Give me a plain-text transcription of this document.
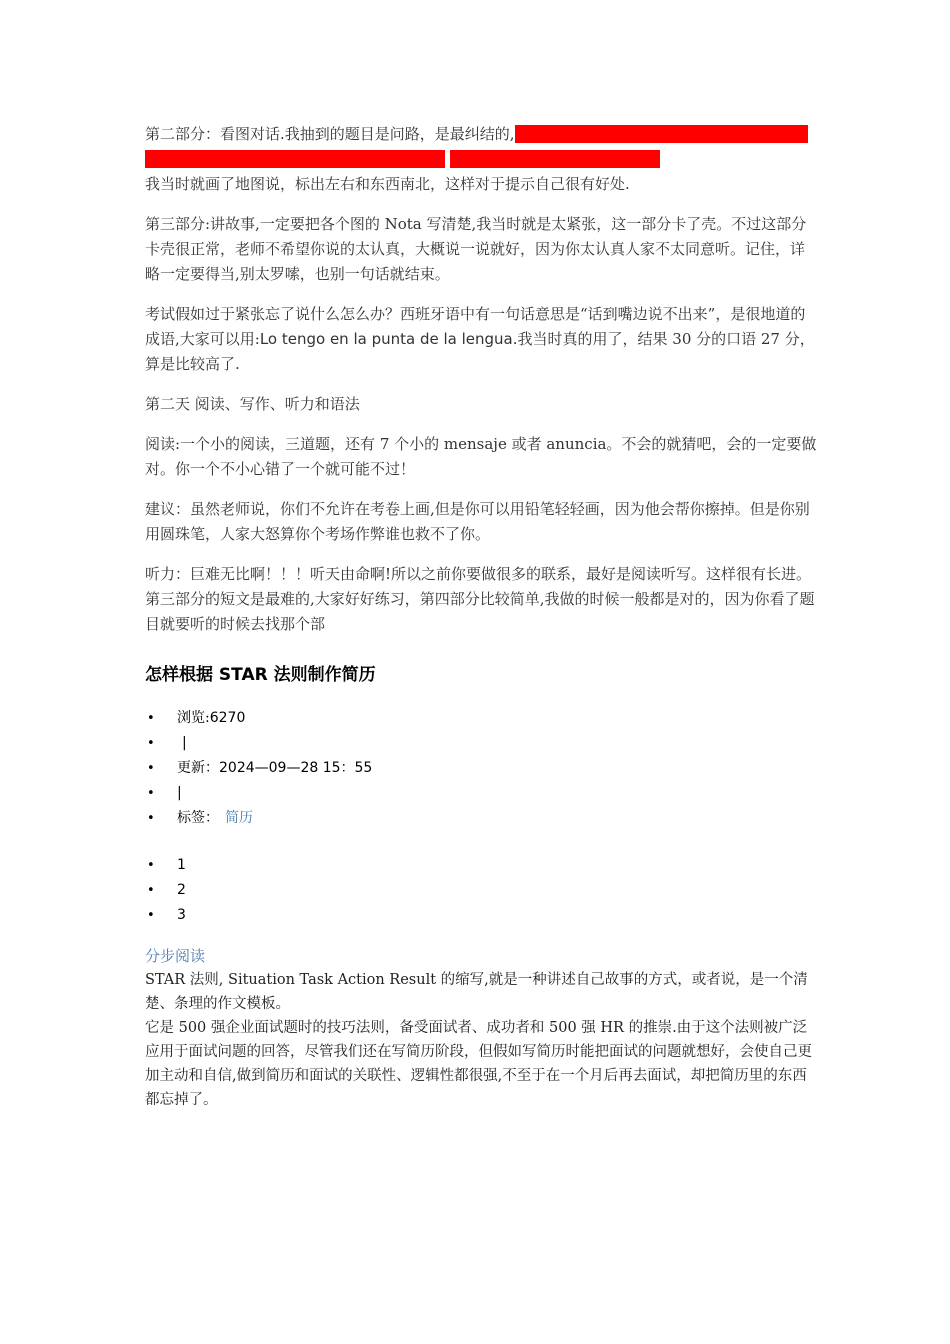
第二部分：看图对话.我抽到的题目是问路，是最纠结的,但是记住考试可以带白纸进去写你的nota,就是关键词，但是不能是整句话，一定要是白纸 没有字的，有字的就不能用了。
我当时就画了地图说，标出左右和东西南北，这样对于提示自己很有好处.

第三部分:讲故事,一定要把各个图的 Nota 写清楚,我当时就是太紧张，这一部分卡了壳。不过这部分卡壳很正常，老师不希望你说的太认真，大概说一说就好，因为你太认真人家不太同意听。记住，详略一定要得当,别太罗嗦，也别一句话就结束。

考试假如过于紧张忘了说什么怎么办？西班牙语中有一句话意思是“话到嘴边说不出来”，是很地道的成语,大家可以用:Lo tengo en la punta de la lengua.我当时真的用了，结果 30 分的口语 27 分，算是比较高了.

第二天 阅读、写作、听力和语法

阅读:一个小的阅读，三道题，还有 7 个小的 mensaje 或者 anuncia。不会的就猜吧，会的一定要做对。你一个不小心错了一个就可能不过！

建议：虽然老师说，你们不允许在考卷上画,但是你可以用铅笔轻轻画，因为他会帮你擦掉。但是你别用圆珠笔，人家大怒算你个考场作弊谁也救不了你。

听力：巨难无比啊！！！听天由命啊!所以之前你要做很多的联系，最好是阅读听写。这样很有长进。第三部分的短文是最难的,大家好好练习，第四部分比较简单,我做的时候一般都是对的，因为你看了题目就要听的时候去找那个部

怎样根据 STAR 法则制作简历
• 浏览:6270
• |
• 更新：2024—09—28 15：55
• |
• 标签： 简历
• 1
• 2
• 3
分步阅读

STAR 法则, Situation Task Action Result 的缩写,就是一种讲述自己故事的方式，或者说，是一个清楚、条理的作文模板。

它是 500 强企业面试题时的技巧法则，备受面试者、成功者和 500 强 HR 的推崇.由于这个法则被广泛应用于面试问题的回答，尽管我们还在写简历阶段，但假如写简历时能把面试的问题就想好，会使自己更加主动和自信,做到简历和面试的关联性、逻辑性都很强,不至于在一个月后再去面试，却把简历里的东西都忘掉了。
